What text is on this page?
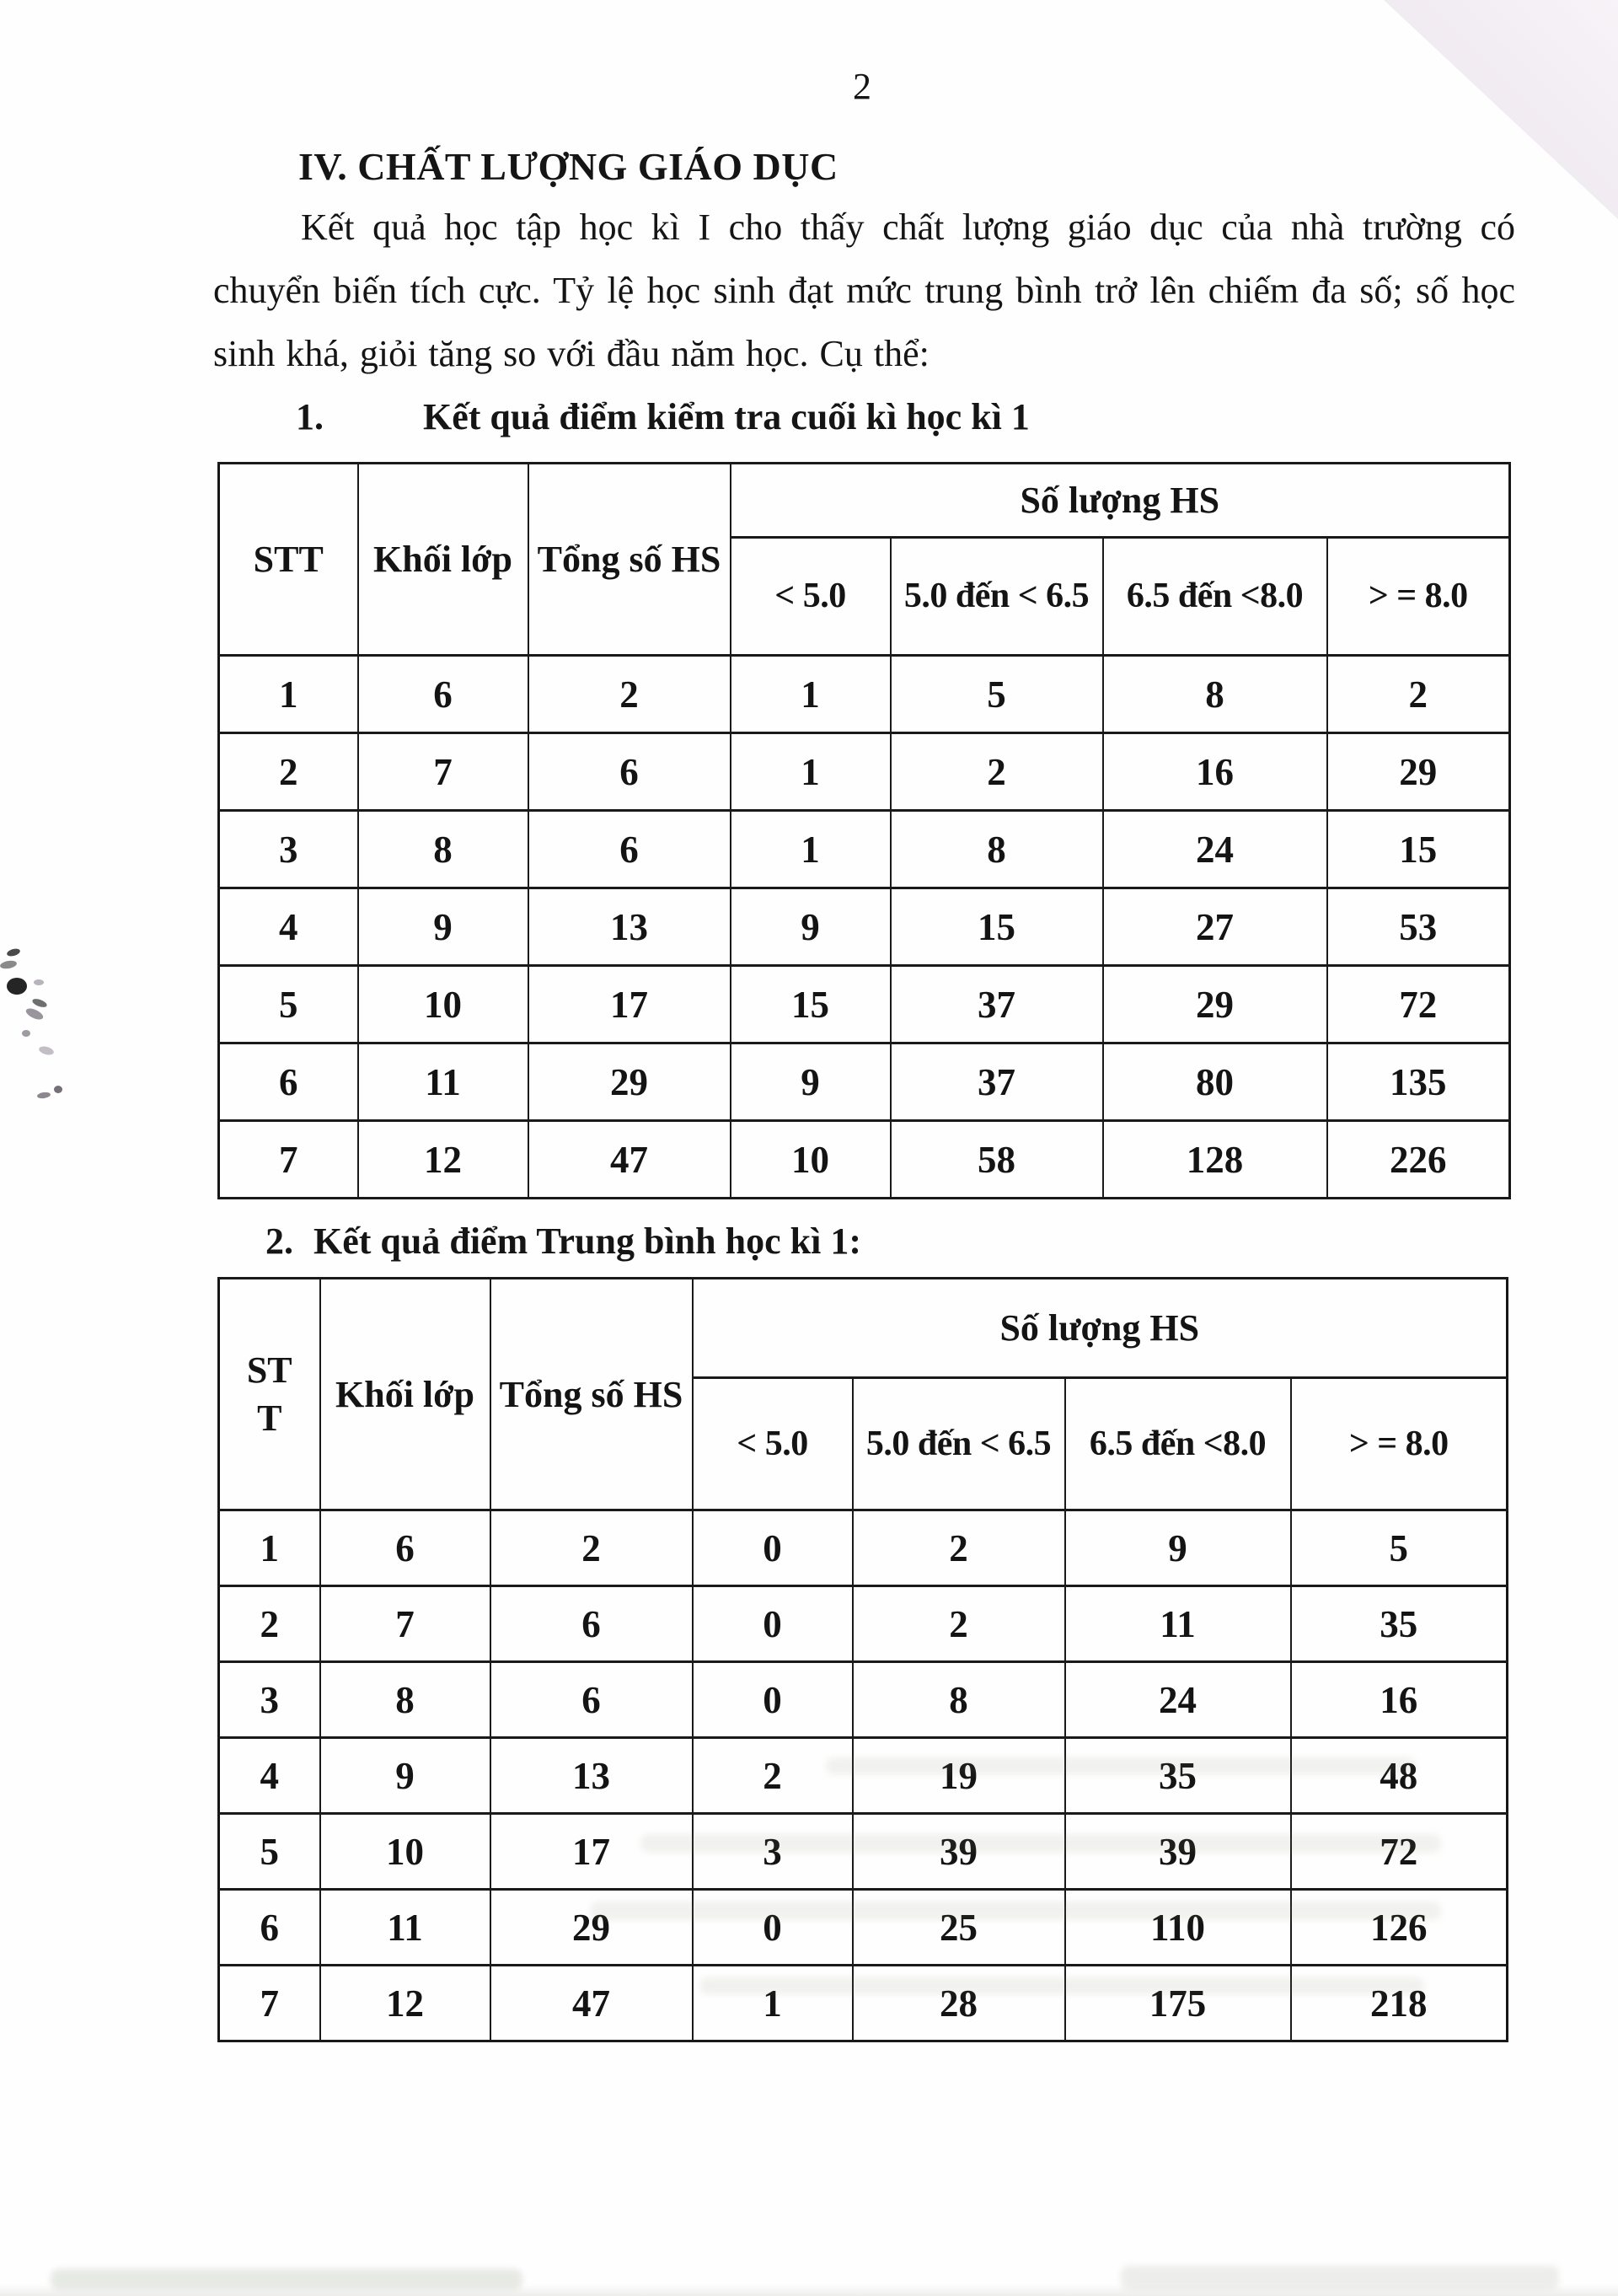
2
IV. CHẤT LƯỢNG GIÁO DỤC
Kết quả học tập học kì I cho thấy chất lượng giáo dục của nhà trường có chuyển biến tích cực. Tỷ lệ học sinh đạt mức trung bình trở lên chiếm đa số; số học sinh khá, giỏi tăng so với đầu năm học. Cụ thể:
1.	Kết quả điểm kiểm tra cuối kì học kì 1
STT	Khối lớp	Tổng số HS	Số lượng HS			
			< 5.0	5.0 đến < 6.5	6.5 đến <8.0	> = 8.0
1	6	2	1	5	8	2
2	7	6	1	2	16	29
3	8	6	1	8	24	15
4	9	13	9	15	27	53
5	10	17	15	37	29	72
6	11	29	9	37	80	135
7	12	47	10	58	128	226
2. Kết quả điểm Trung bình học kì 1:
STT	Khối lớp	Tổng số HS	Số lượng HS			
			< 5.0	5.0 đến < 6.5	6.5 đến <8.0	> = 8.0
1	6	2	0	2	9	5
2	7	6	0	2	11	35
3	8	6	0	8	24	16
4	9	13	2	19	35	48
5	10	17	3	39	39	72
6	11	29	0	25	110	126
7	12	47	1	28	175	218
